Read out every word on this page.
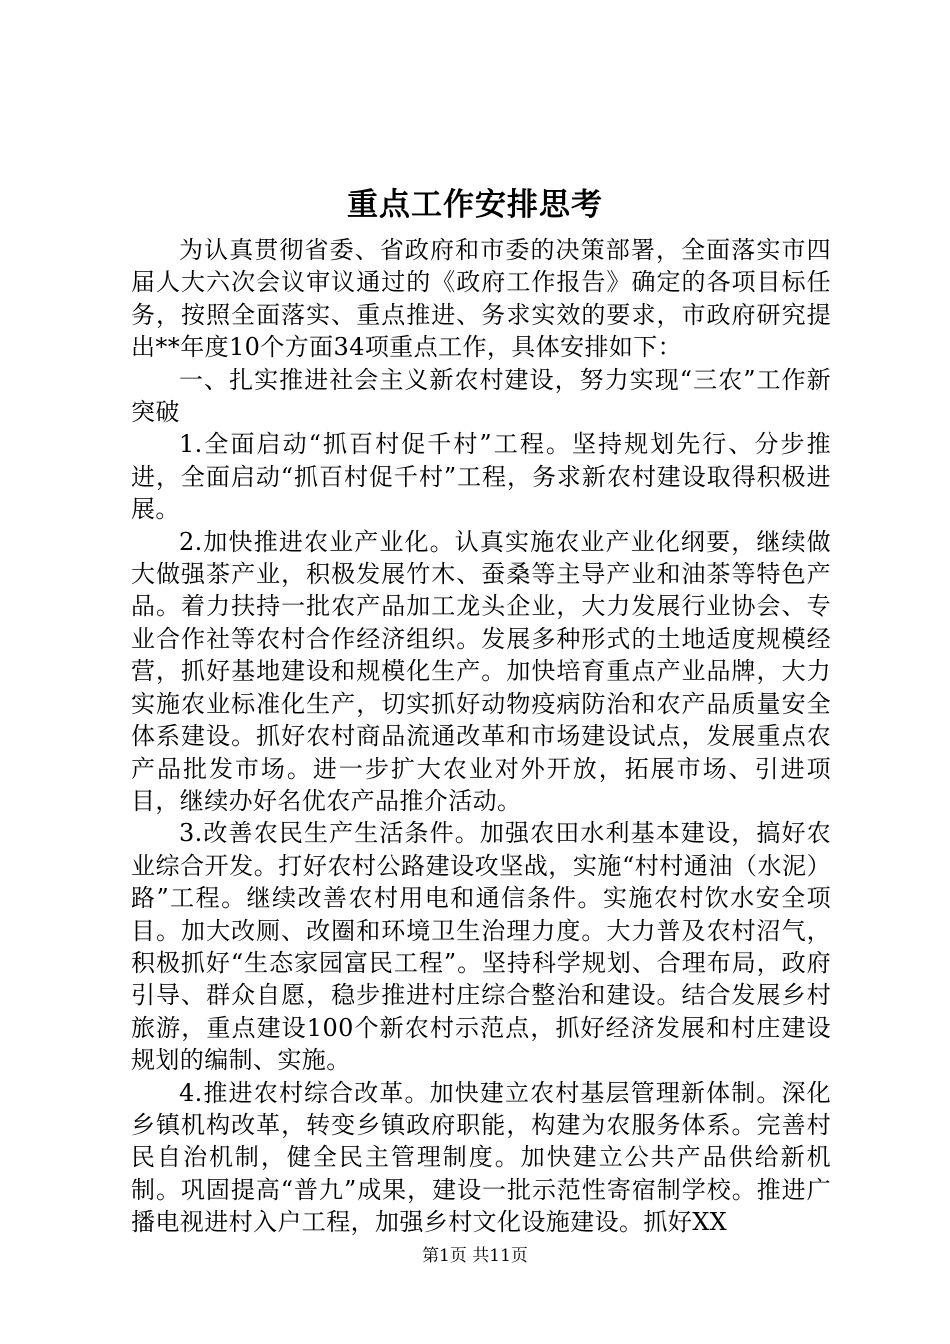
重点工作安排思考

为认真贯彻省委、省政府和市委的决策部署，全面落实市四届人大六次会议审议通过的《政府工作报告》确定的各项目标任务，按照全面落实、重点推进、务求实效的要求，市政府研究提出**年度10个方面34项重点工作，具体安排如下：

一、扎实推进社会主义新农村建设，努力实现“三农”工作新突破

1.全面启动“抓百村促千村”工程。坚持规划先行、分步推进，全面启动“抓百村促千村”工程，务求新农村建设取得积极进展。

2.加快推进农业产业化。认真实施农业产业化纲要，继续做大做强茶产业，积极发展竹木、蚕桑等主导产业和油茶等特色产品。着力扶持一批农产品加工龙头企业，大力发展行业协会、专业合作社等农村合作经济组织。发展多种形式的土地适度规模经营，抓好基地建设和规模化生产。加快培育重点产业品牌，大力实施农业标准化生产，切实抓好动物疫病防治和农产品质量安全体系建设。抓好农村商品流通改革和市场建设试点，发展重点农产品批发市场。进一步扩大农业对外开放，拓展市场、引进项目，继续办好名优农产品推介活动。

3.改善农民生产生活条件。加强农田水利基本建设，搞好农业综合开发。打好农村公路建设攻坚战，实施“村村通油（水泥）路”工程。继续改善农村用电和通信条件。实施农村饮水安全项目。加大改厕、改圈和环境卫生治理力度。大力普及农村沼气，积极抓好“生态家园富民工程”。坚持科学规划、合理布局，政府引导、群众自愿，稳步推进村庄综合整治和建设。结合发展乡村旅游，重点建设100个新农村示范点，抓好经济发展和村庄建设规划的编制、实施。

4.推进农村综合改革。加快建立农村基层管理新体制。深化乡镇机构改革，转变乡镇政府职能，构建为农服务体系。完善村民自治机制，健全民主管理制度。加快建立公共产品供给新机制。巩固提高“普九”成果，建设一批示范性寄宿制学校。推进广播电视进村入户工程，加强乡村文化设施建设。抓好XX

第1页 共11页
